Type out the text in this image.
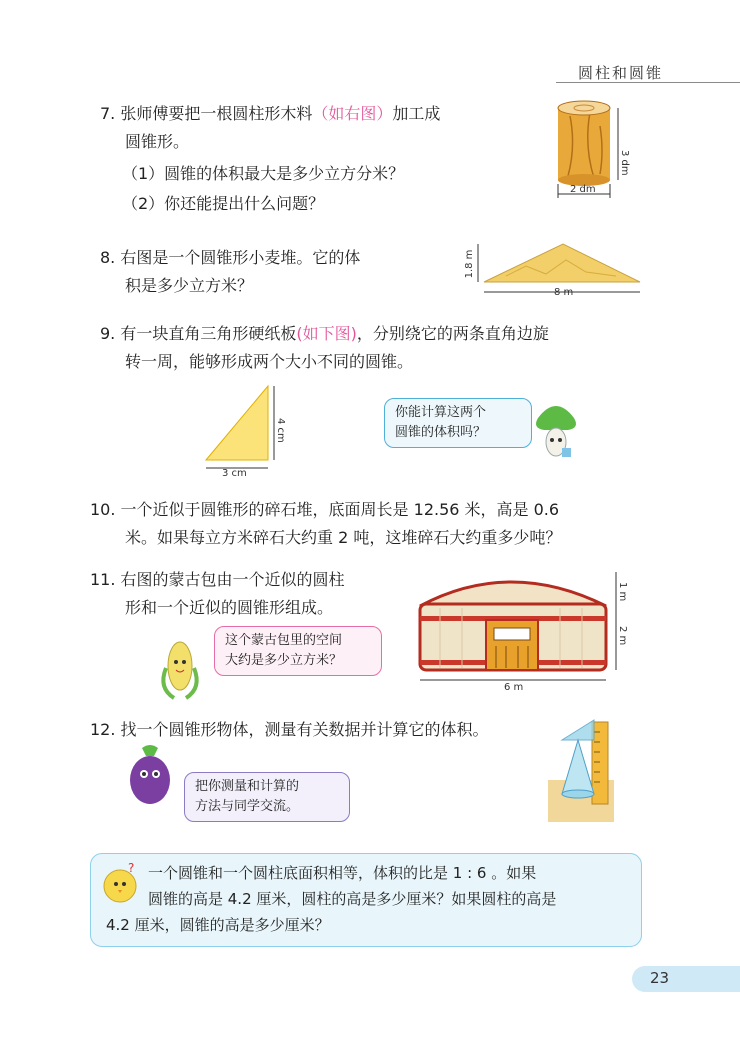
圆柱和圆锥
7. 张师傅要把一根圆柱形木料（如右图）加工成
圆锥形。
（1）圆锥的体积最大是多少立方分米？
（2）你还能提出什么问题？
2 dm
3 dm
8. 右图是一个圆锥形小麦堆。它的体
积是多少立方米？
1.8 m
8 m
9. 有一块直角三角形硬纸板(如下图)，分别绕它的两条直角边旋
转一周，能够形成两个大小不同的圆锥。
3 cm
4 cm
你能计算这两个
圆锥的体积吗？
10. 一个近似于圆锥形的碎石堆，底面周长是 12.56 米，高是 0.6
米。如果每立方米碎石大约重 2 吨，这堆碎石大约重多少吨？
11. 右图的蒙古包由一个近似的圆柱
形和一个近似的圆锥形组成。
这个蒙古包里的空间
大约是多少立方米？
1 m
2 m
6 m
12. 找一个圆锥形物体，测量有关数据并计算它的体积。
把你测量和计算的
方法与同学交流。
? 一个圆锥和一个圆柱底面积相等，体积的比是 1 : 6 。如果
圆锥的高是 4.2 厘米，圆柱的高是多少厘米？如果圆柱的高是
4.2 厘米，圆锥的高是多少厘米？
23
